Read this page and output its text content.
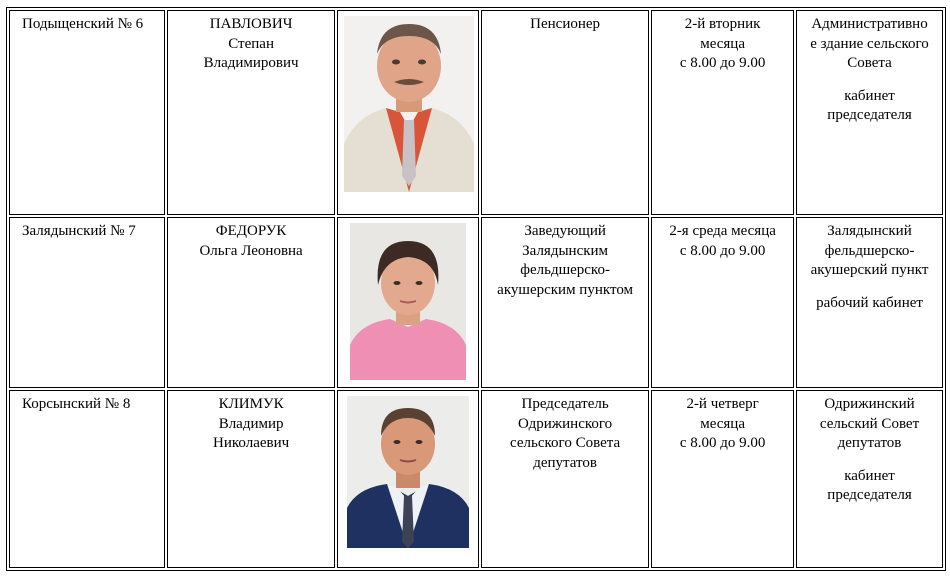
Подыщенский № 6	ПАВЛОВИЧ
Степан
Владимирович		Пенсионер	2-й вторник
месяца
с 8.00 до 9.00	Административно
е здание сельского
Совета
кабинет
председателя

Залядынский № 7	ФЕДОРУК
Ольга Леоновна		Заведующий
Залядынским
фельдшерско-
акушерским пунктом	2-я среда месяца
с 8.00 до 9.00	Залядынский
фельдшерско-
акушерский пункт
рабочий кабинет

Корсынский № 8	КЛИМУК
Владимир
Николаевич		Председатель
Одрижинского
сельского Совета
депутатов	2-й четверг
месяца
с 8.00 до 9.00	Одрижинский
сельский Совет
депутатов
кабинет
председателя
